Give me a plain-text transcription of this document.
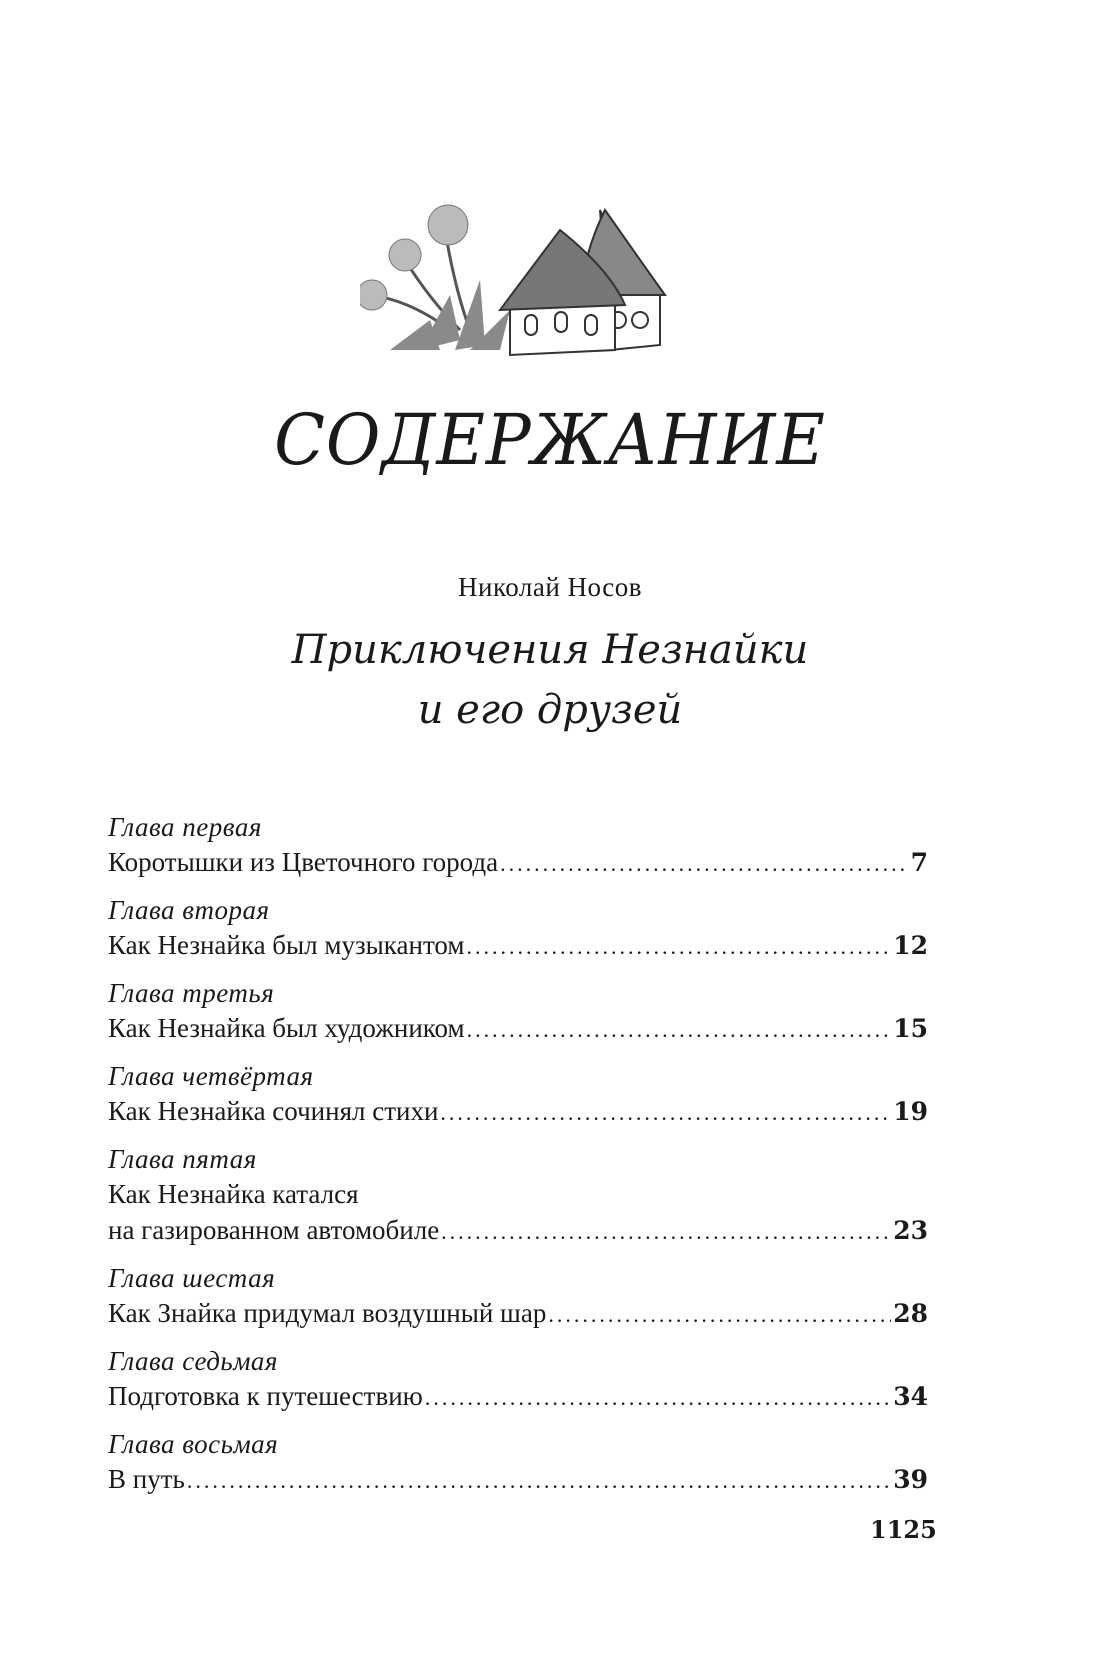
СОДЕРЖАНИЕ
Николай Носов
Приключения Незнайки
и его друзей
Глава первая
Коротышки из Цветочного города .....	7
Глава вторая
Как Незнайка был музыкантом .....	12
Глава третья
Как Незнайка был художником .....	15
Глава четвёртая
Как Незнайка сочинял стихи .....	19
Глава пятая
Как Незнайка катался
на газированном автомобиле .....	23
Глава шестая
Как Знайка придумал воздушный шар .....	28
Глава седьмая
Подготовка к путешествию .....	34
Глава восьмая
В путь .....	39
1125
